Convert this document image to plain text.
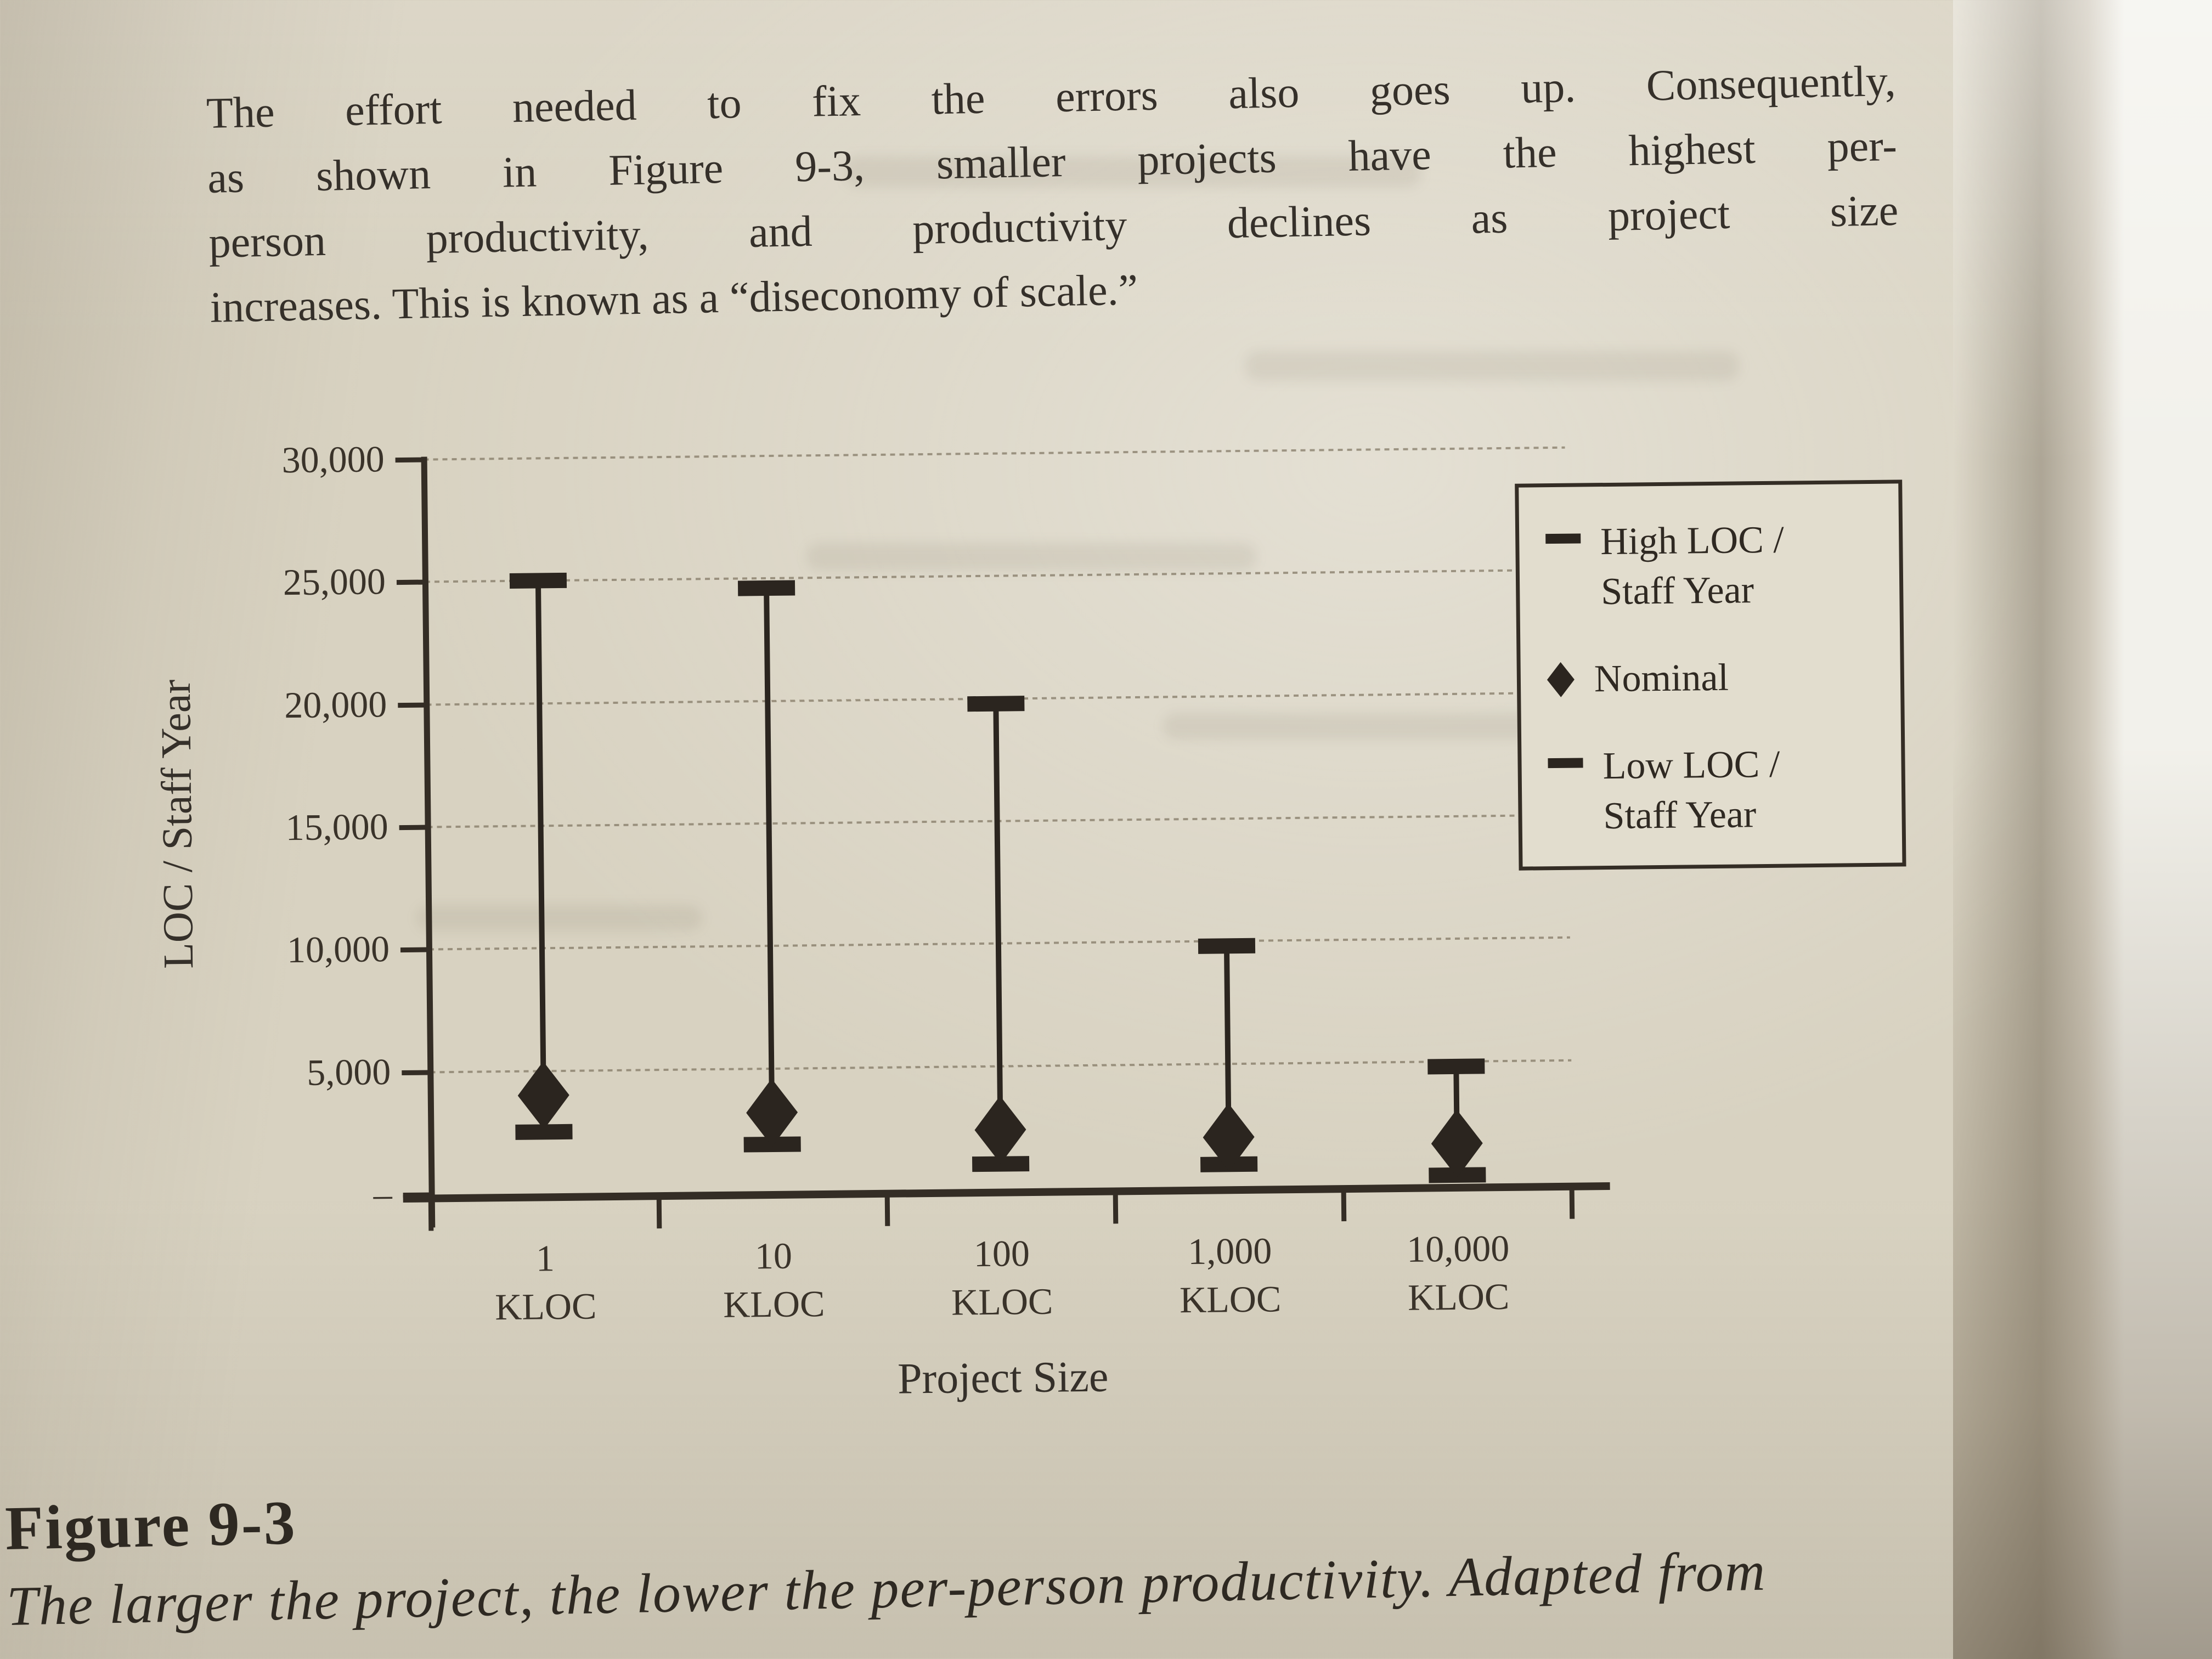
The effort needed to fix the errors also goes up. Consequently,
as shown in Figure 9-3, smaller projects have the highest per-
person productivity, and productivity declines as project size
increases. This is known as a “diseconomy of scale.”
LOC / Staff Year
–
5,000
10,000
15,000
20,000
25,000
30,000
1
KLOC
10
KLOC
100
KLOC
1,000
KLOC
10,000
KLOC
Project Size
High LOC /
Staff Year
Nominal
Low LOC /
Staff Year
Figure 9-3
The larger the project, the lower the per-person productivity. Adapted from
